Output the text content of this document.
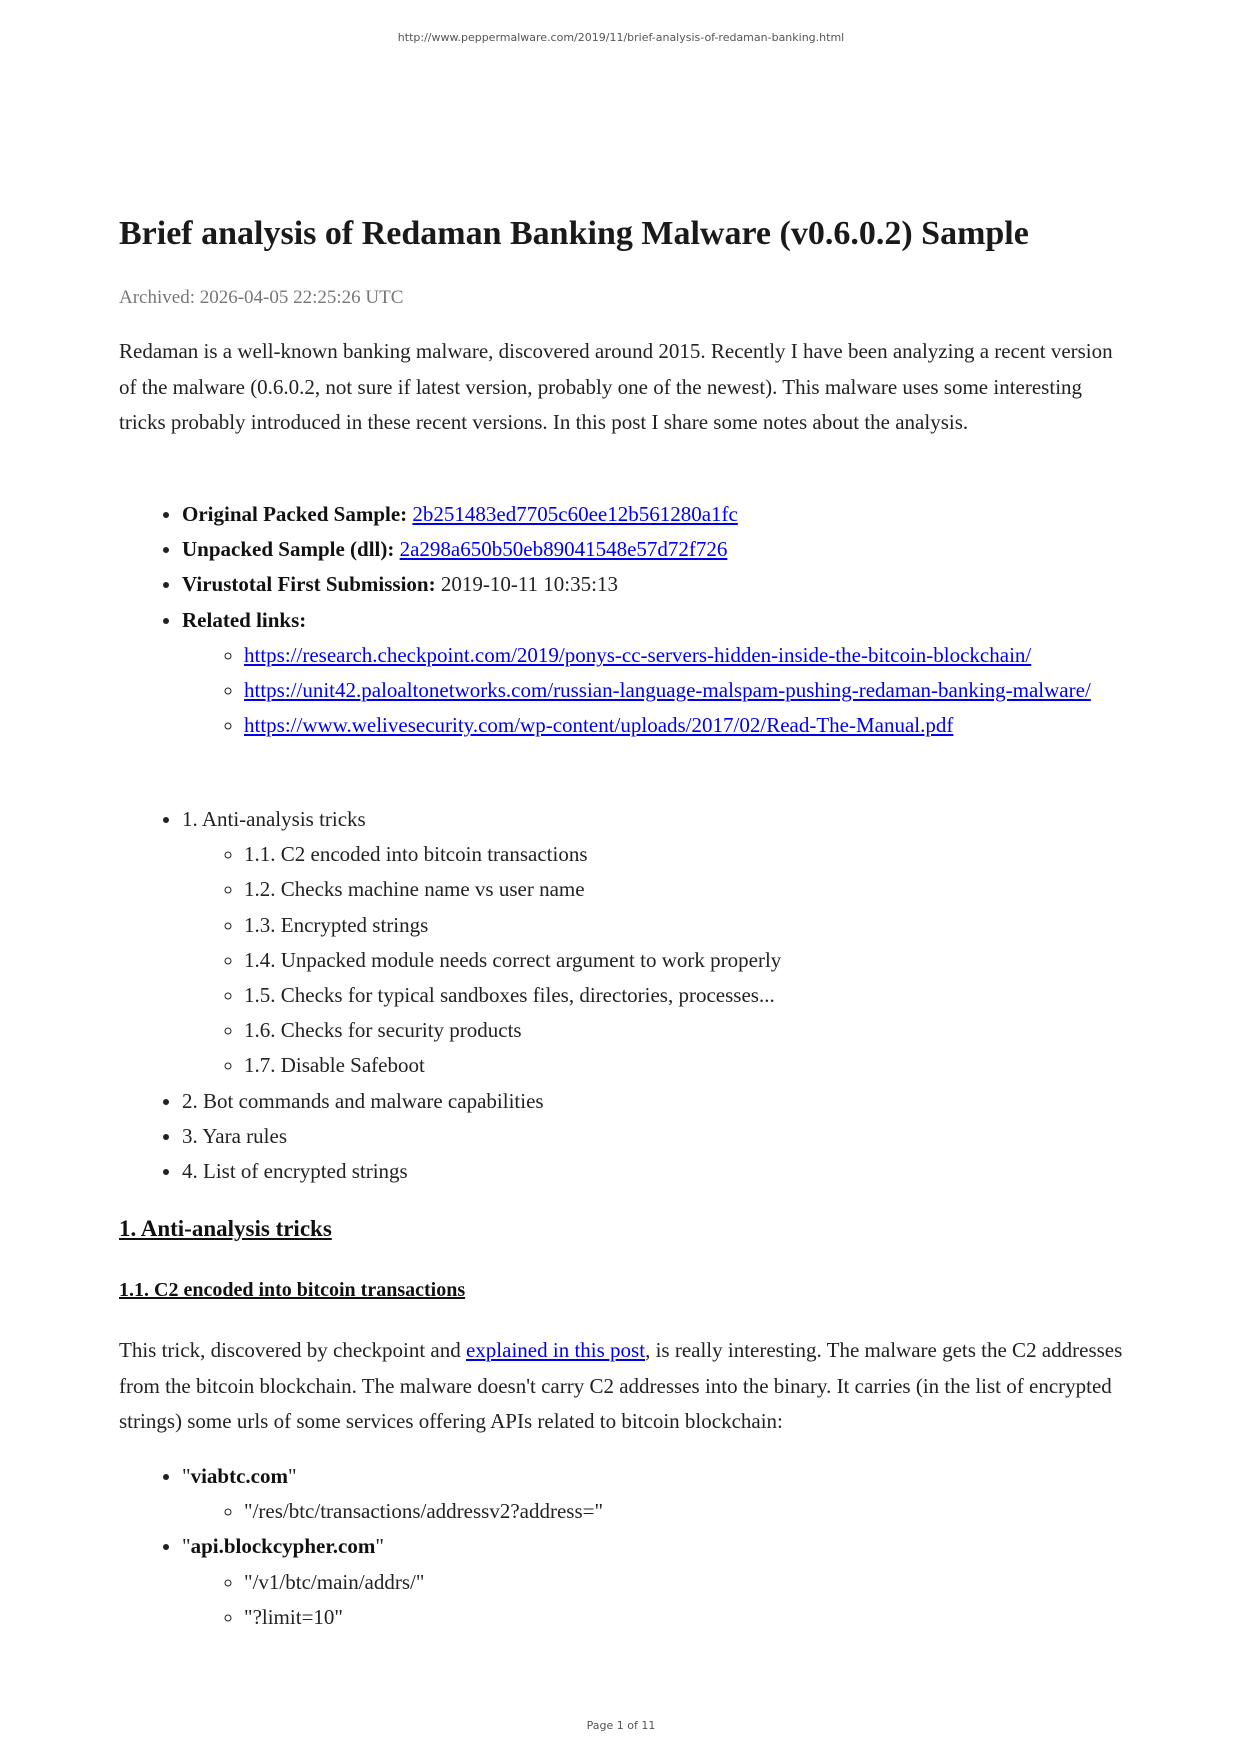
http://www.peppermalware.com/2019/11/brief-analysis-of-redaman-banking.html
Brief analysis of Redaman Banking Malware (v0.6.0.2) Sample

Archived: 2026-04-05 22:25:26 UTC

Redaman is a well-known banking malware, discovered around 2015. Recently I have been analyzing a recent version of the malware (0.6.0.2, not sure if latest version, probably one of the newest). This malware uses some interesting tricks probably introduced in these recent versions. In this post I share some notes about the analysis.

• Original Packed Sample: 2b251483ed7705c60ee12b561280a1fc
• Unpacked Sample (dll): 2a298a650b50eb89041548e57d72f726
• Virustotal First Submission: 2019-10-11 10:35:13
• Related links:
◦ https://research.checkpoint.com/2019/ponys-cc-servers-hidden-inside-the-bitcoin-blockchain/
◦ https://unit42.paloaltonetworks.com/russian-language-malspam-pushing-redaman-banking-malware/
◦ https://www.welivesecurity.com/wp-content/uploads/2017/02/Read-The-Manual.pdf
• 1. Anti-analysis tricks
◦ 1.1. C2 encoded into bitcoin transactions
◦ 1.2. Checks machine name vs user name
◦ 1.3. Encrypted strings
◦ 1.4. Unpacked module needs correct argument to work properly
◦ 1.5. Checks for typical sandboxes files, directories, processes...
◦ 1.6. Checks for security products
◦ 1.7. Disable Safeboot
• 2. Bot commands and malware capabilities
• 3. Yara rules
• 4. List of encrypted strings
1. Anti-analysis tricks
1.1. C2 encoded into bitcoin transactions

This trick, discovered by checkpoint and explained in this post, is really interesting. The malware gets the C2 addresses from the bitcoin blockchain. The malware doesn't carry C2 addresses into the binary. It carries (in the list of encrypted strings) some urls of some services offering APIs related to bitcoin blockchain:

• "viabtc.com"
◦ "/res/btc/transactions/addressv2?address="
• "api.blockcypher.com"
◦ "/v1/btc/main/addrs/"
◦ "?limit=10"
Page 1 of 11
